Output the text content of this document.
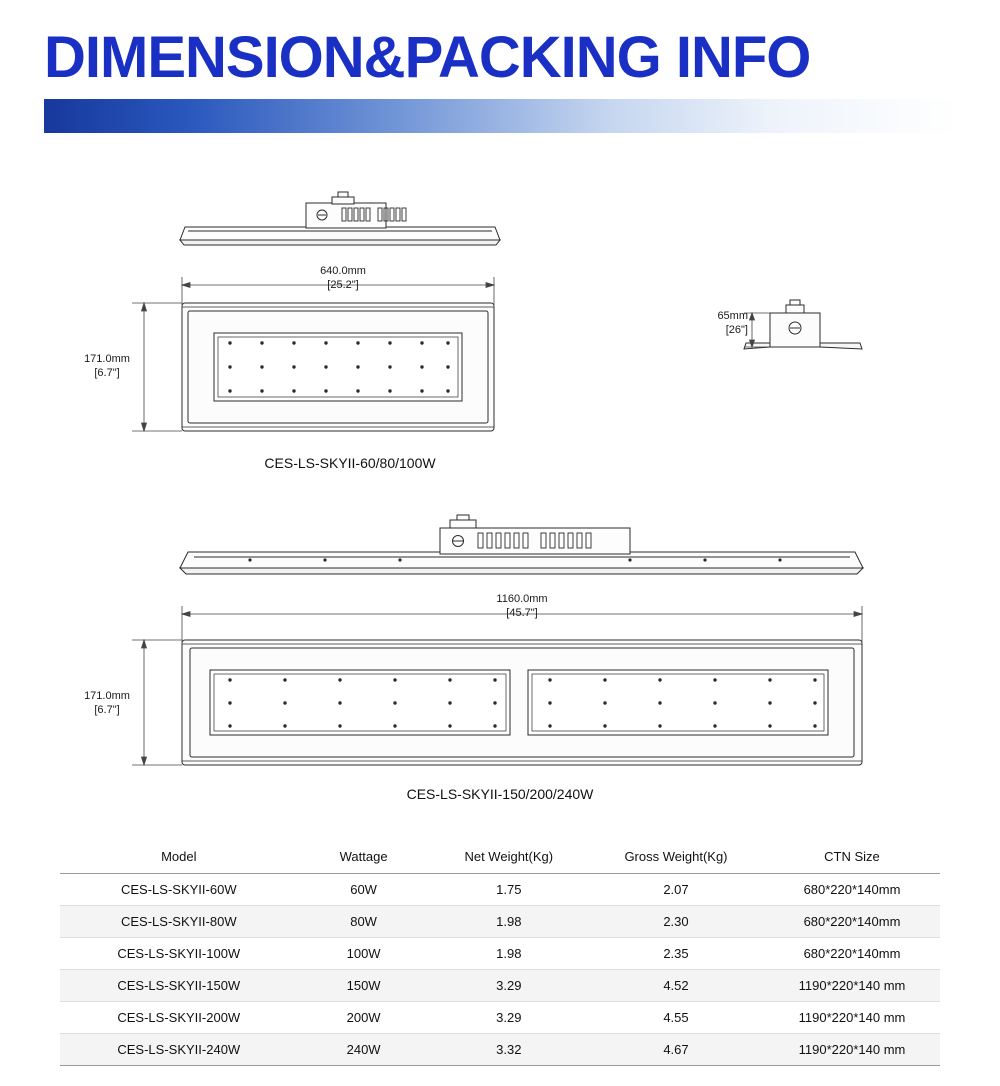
DIMENSION&PACKING INFO
640.0mm
[25.2"]
171.0mm
[6.7"]
CES-LS-SKYII-60/80/100W
65mm
[26"]
1160.0mm
[45.7"]
171.0mm
[6.7"]
CES-LS-SKYII-150/200/240W
Model	Wattage	Net Weight(Kg)	Gross Weight(Kg)	CTN Size
CES-LS-SKYII-60W	60W	1.75	2.07	680*220*140mm
CES-LS-SKYII-80W	80W	1.98	2.30	680*220*140mm
CES-LS-SKYII-100W	100W	1.98	2.35	680*220*140mm
CES-LS-SKYII-150W	150W	3.29	4.52	1190*220*140 mm
CES-LS-SKYII-200W	200W	3.29	4.55	1190*220*140 mm
CES-LS-SKYII-240W	240W	3.32	4.67	1190*220*140 mm
